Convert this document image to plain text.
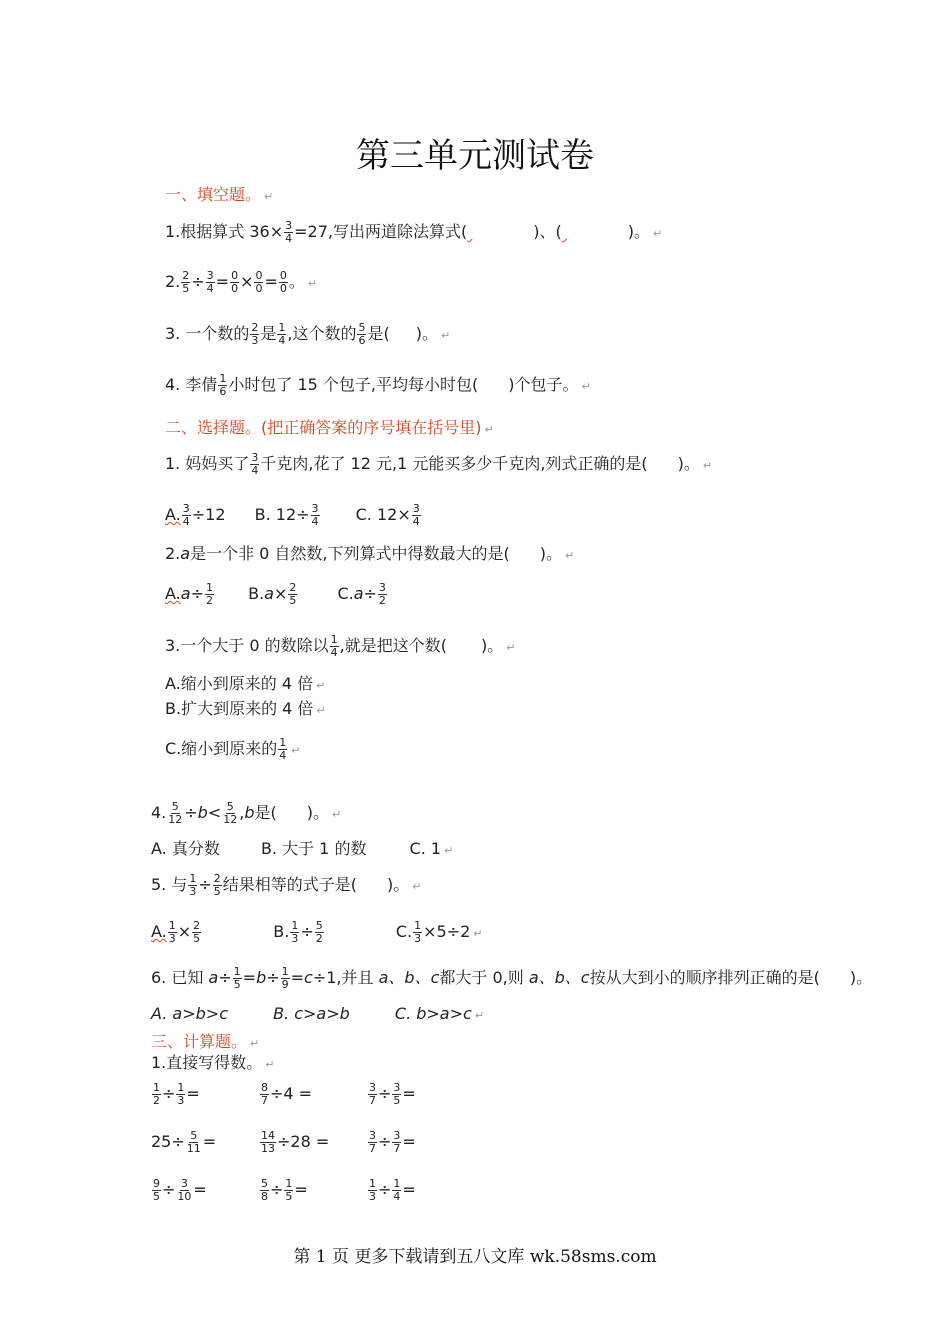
第三单元测试卷
一、填空题。 ↵
1.根据算式 $36\times \frac{3}{4} =27$,写出两道除法算式(	)、(	)。 ↵
2. $\frac{2}{5} \div \frac{3}{4} = \frac{0}{0} \times \frac{0}{0} = \frac{0}{0}$ 。 ↵
3. 一个数的 $\frac{2}{3}$ 是 $\frac{1}{4}$ ,这个数的 $\frac{5}{6}$ 是( )。 ↵
4. 李倩 $\frac{1}{6}$ 小时包了 15 个包子,平均每小时包( )个包子。 ↵
二、选择题。(把正确答案的序号填在括号里) ↵
1. 妈妈买了 $\frac{3}{4}$ 千克肉,花了 12 元,1 元能买多少千克肉,列式正确的是( )。 ↵
A. $\frac{3}{4} \div 12$ B. $12\div \frac{3}{4} C$. $12\times \frac{3}{4}$
2.a是一个非 0 自然数,下列算式中得数最大的是( )。 ↵
$A.a\div \frac{1}{2} B.a\times \frac{2}{5}$	$C.a\div \frac{3}{2}$
3.一个大于 0 的数除以 $\frac{1}{4}$ ,就是把这个数( )。 ↵
A.缩小到原来的 4 倍 ↵
B.扩大到原来的 4 倍 ↵
C.缩小到原来的 $\frac{1}{4}$ ↵
4. $\frac{5}{12} \div b< \frac{5}{12} ,b$是( )。 ↵
A. 真分数	B. 大于 1 的数	C. 1 ↵
5. 与 $\frac{1}{3} \div \frac{2}{5}$ 结果相等的式子是( )。 ↵
A. $\frac{1}{3} \times \frac{2}{5}$	B. $\frac{1}{3} \div \frac{5}{2}$	C. $\frac{1}{3} \times 5\div 2$ ↵
6. 已知 $a\div \frac{1}{5} =b\div \frac{1}{9} =c\div 1$,并且 a、b、c都大于 0,则 a、b、c按从大到小的顺序排列正确的是( )。
A. a>b>c	B. c>a>b	C. b>a>c ↵
三、计算题。 ↵
1.直接写得数。 ↵
$\frac{1}{2} \div \frac{1}{3}$ =	$\frac{8}{7} \div 4$ =	$\frac{3}{7} \div \frac{3}{5}$ =
$25\div \frac{5}{11}$ =	$\frac{14}{13} \div 28$ =	$\frac{3}{7} \div \frac{3}{7}$ =
$\frac{9}{5} \div \frac{3}{10}$ =	$\frac{5}{8} \div \frac{1}{5}$ =	$\frac{1}{3} \div \frac{1}{4}$ =
第 1 页 更多下载请到五八文库 wk.58sms.com
